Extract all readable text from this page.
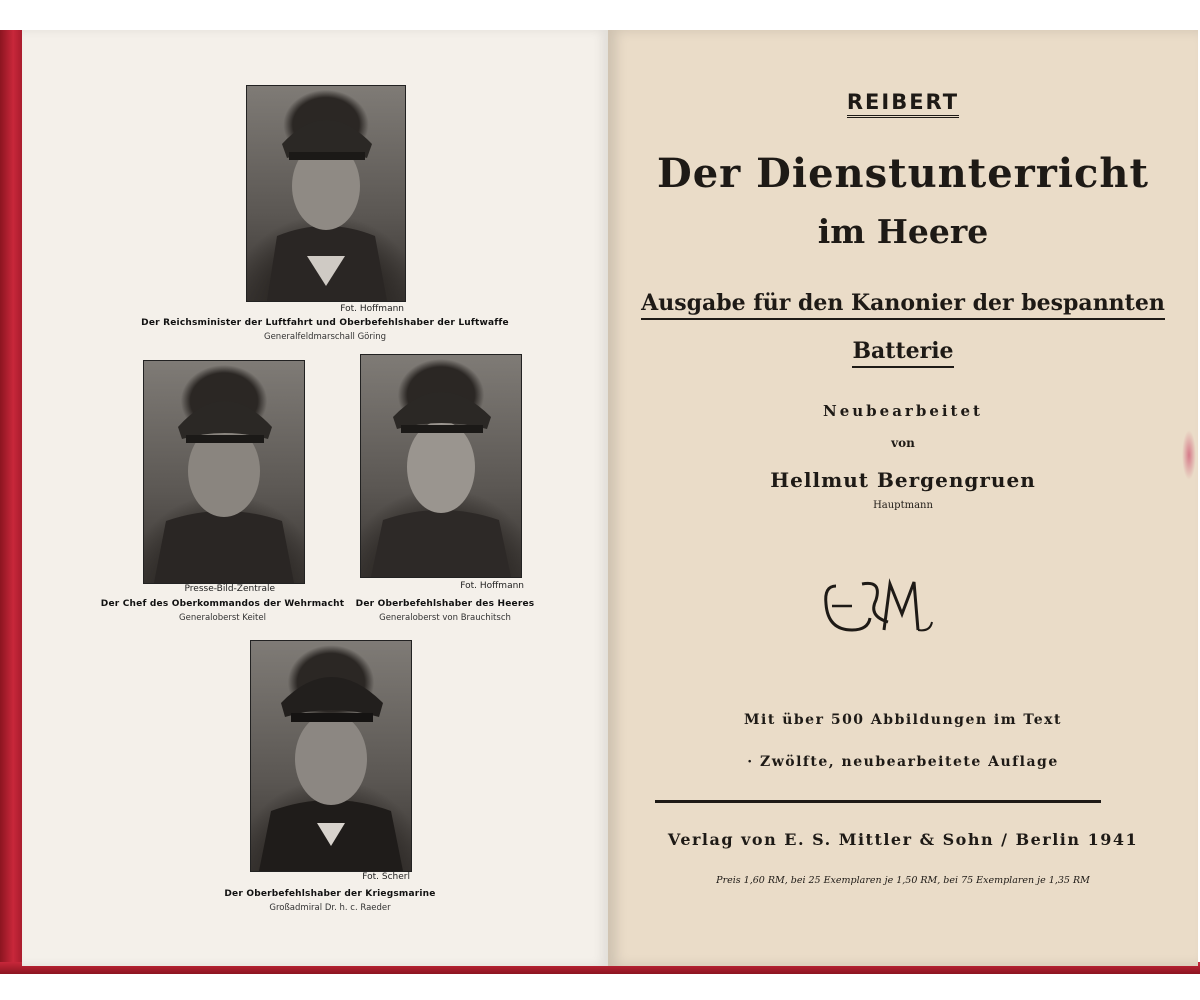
Fot. Hoffmann
Der Reichsminister der Luftfahrt und Oberbefehlshaber der Luftwaffe
Generalfeldmarschall Göring
Presse-Bild-Zentrale
Der Chef des Oberkommandos der Wehrmacht
Generaloberst Keitel
Fot. Hoffmann
Der Oberbefehlshaber des Heeres
Generaloberst von Brauchitsch
Fot. Scherl
Der Oberbefehlshaber der Kriegsmarine
Großadmiral Dr. h. c. Raeder
REIBERT
Der Dienstunterricht
im Heere
Ausgabe für den Kanonier der bespannten
Batterie
Neubearbeitet
von
Hellmut Bergengruen
Hauptmann
Mit über 500 Abbildungen im Text
· Zwölfte, neubearbeitete Auflage
Verlag von E. S. Mittler & Sohn / Berlin 1941
Preis 1,60 RM, bei 25 Exemplaren je 1,50 RM, bei 75 Exemplaren je 1,35 RM
